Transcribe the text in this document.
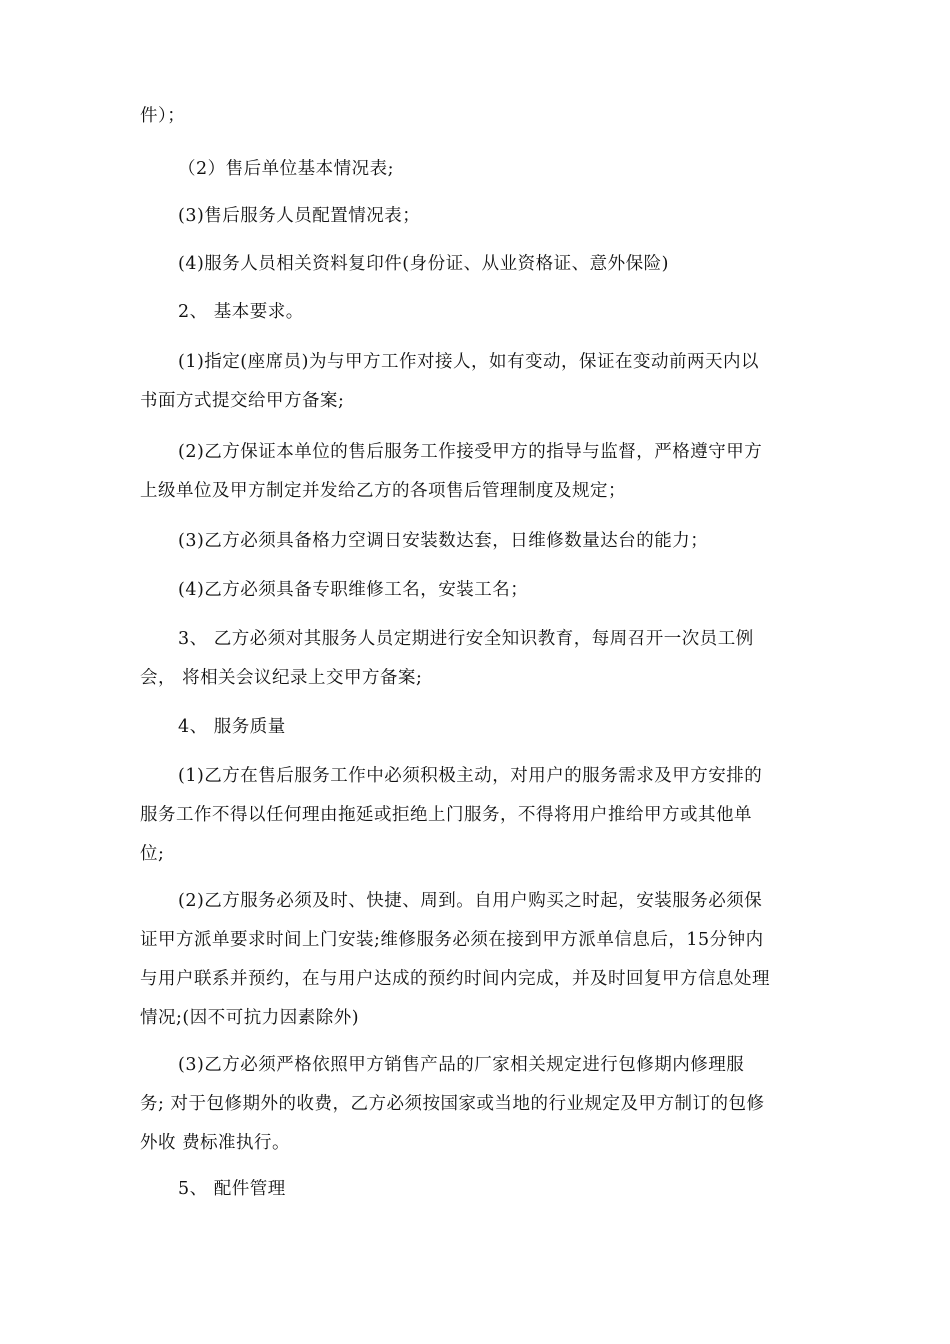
件）；
（2）售后单位基本情况表;
(3)售后服务人员配置情况表；
(4)服务人员相关资料复印件(身份证、从业资格证、意外保险)
2、 基本要求。
(1)指定(座席员)为与甲方工作对接人，如有变动，保证在变动前两天内以
书面方式提交给甲方备案;
(2)乙方保证本单位的售后服务工作接受甲方的指导与监督，严格遵守甲方
上级单位及甲方制定并发给乙方的各项售后管理制度及规定；
(3)乙方必须具备格力空调日安装数达套，日维修数量达台的能力；
(4)乙方必须具备专职维修工名，安装工名；
3、 乙方必须对其服务人员定期进行安全知识教育，每周召开一次员工例
会， 将相关会议纪录上交甲方备案;
4、 服务质量
(1)乙方在售后服务工作中必须积极主动，对用户的服务需求及甲方安排的
服务工作不得以任何理由拖延或拒绝上门服务，不得将用户推给甲方或其他单
位;
(2)乙方服务必须及时、快捷、周到。自用户购买之时起，安装服务必须保
证甲方派单要求时间上门安装;维修服务必须在接到甲方派单信息后，15分钟内
与用户联系并预约，在与用户达成的预约时间内完成，并及时回复甲方信息处理
情况;(因不可抗力因素除外)
(3)乙方必须严格依照甲方销售产品的厂家相关规定进行包修期内修理服
务; 对于包修期外的收费，乙方必须按国家或当地的行业规定及甲方制订的包修
外收 费标准执行。
5、 配件管理
